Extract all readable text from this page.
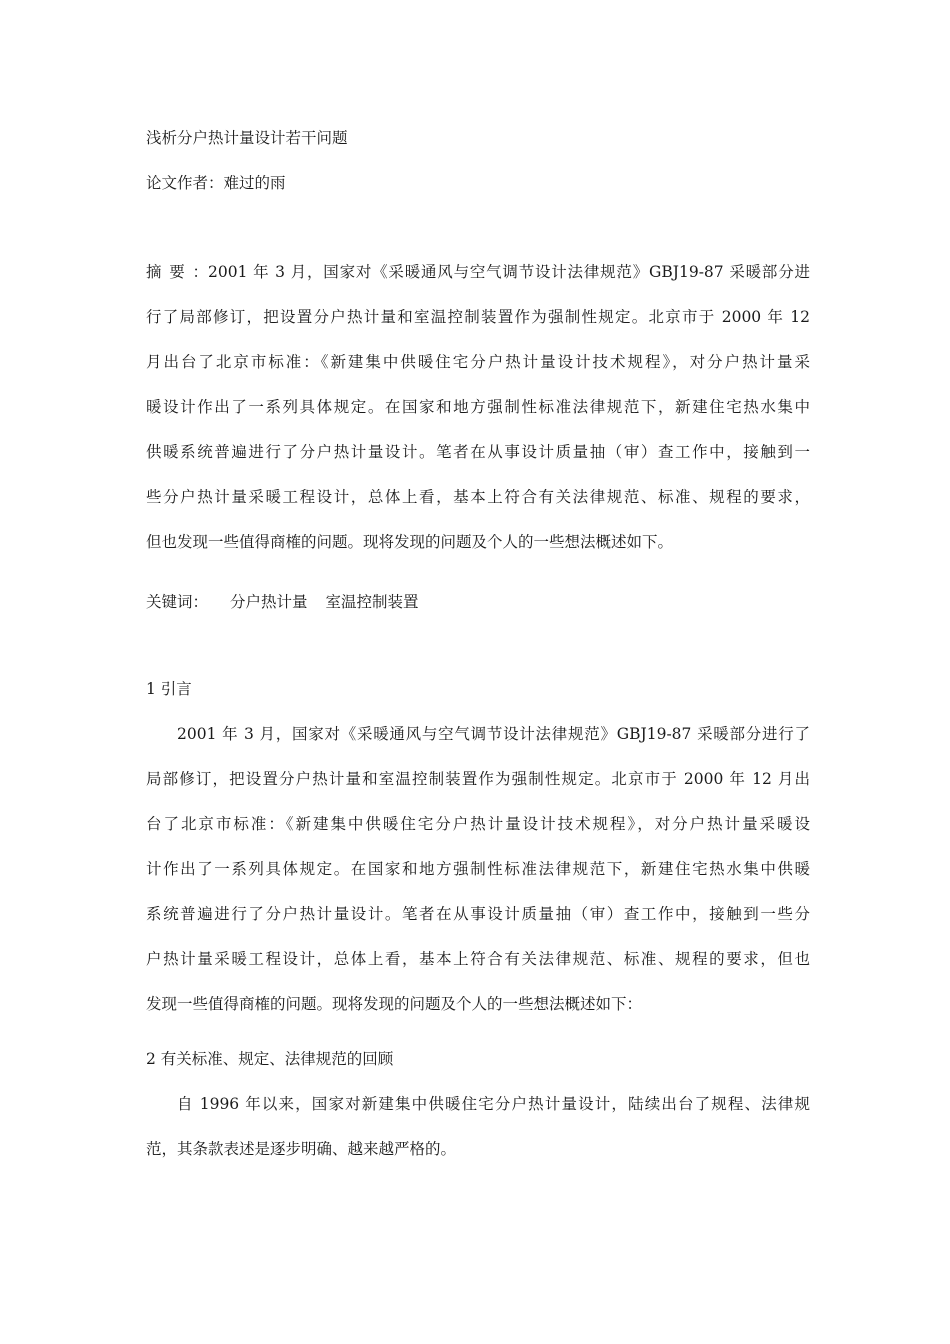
浅析分户热计量设计若干问题
论文作者：难过的雨
摘要：2001 年 3 月，国家对《采暖通风与空气调节设计法律规范》GBJ19-87 采暖部分进
行了局部修订，把设置分户热计量和室温控制装置作为强制性规定。北京市于 2000 年 12
月出台了北京市标准：《新建集中供暖住宅分户热计量设计技术规程》，对分户热计量采
暖设计作出了一系列具体规定。在国家和地方强制性标准法律规范下，新建住宅热水集中
供暖系统普遍进行了分户热计量设计。笔者在从事设计质量抽（审）查工作中，接触到一
些分户热计量采暖工程设计，总体上看，基本上符合有关法律规范、标准、规程的要求，
但也发现一些值得商榷的问题。现将发现的问题及个人的一些想法概述如下。
关键词： 分户热计量 室温控制装置
1 引言
2001 年 3 月，国家对《采暖通风与空气调节设计法律规范》GBJ19-87 采暖部分进行了
局部修订，把设置分户热计量和室温控制装置作为强制性规定。北京市于 2000 年 12 月出
台了北京市标准：《新建集中供暖住宅分户热计量设计技术规程》，对分户热计量采暖设
计作出了一系列具体规定。在国家和地方强制性标准法律规范下，新建住宅热水集中供暖
系统普遍进行了分户热计量设计。笔者在从事设计质量抽（审）查工作中，接触到一些分
户热计量采暖工程设计，总体上看，基本上符合有关法律规范、标准、规程的要求，但也
发现一些值得商榷的问题。现将发现的问题及个人的一些想法概述如下：
2 有关标准、规定、法律规范的回顾
自 1996 年以来，国家对新建集中供暖住宅分户热计量设计，陆续出台了规程、法律规
范，其条款表述是逐步明确、越来越严格的。
